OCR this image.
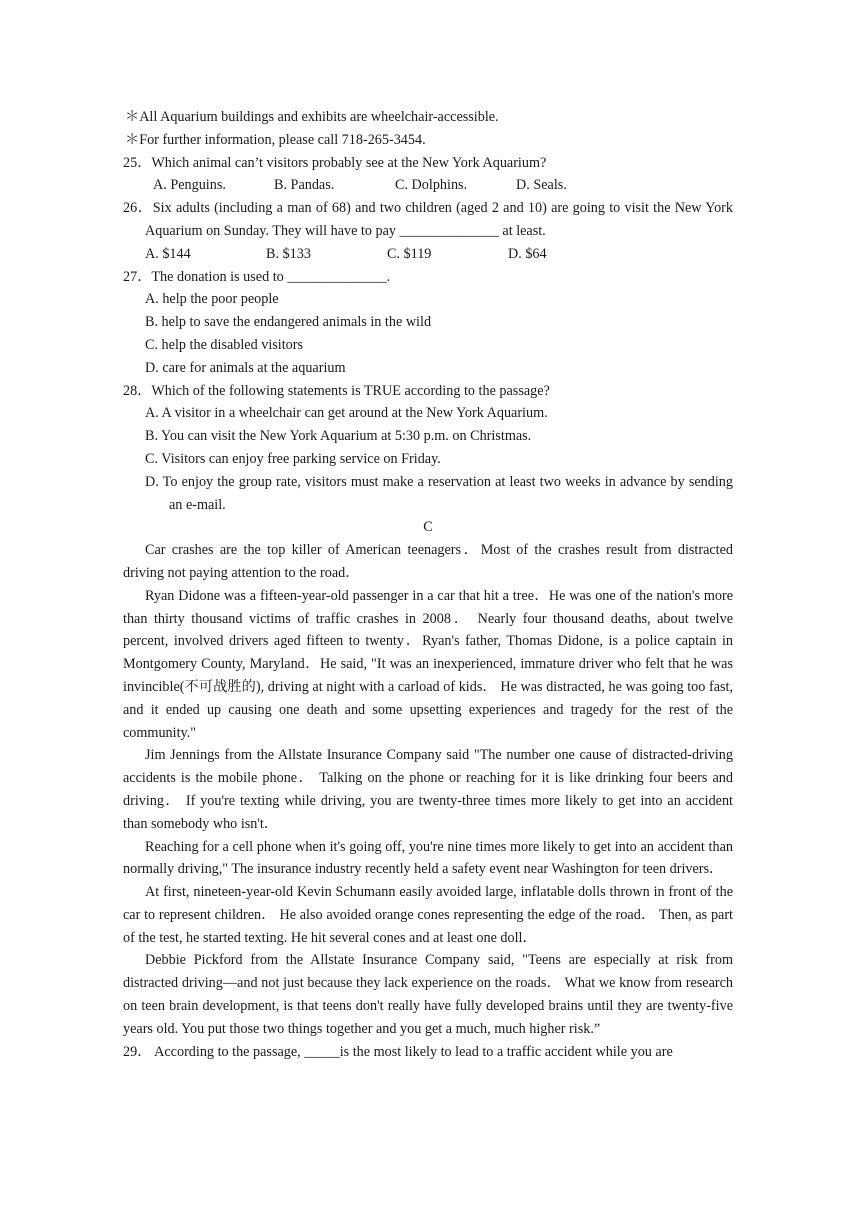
＊All Aquarium buildings and exhibits are wheelchair-accessible.
＊For further information, please call 718-265-3454.
25．Which animal can’t visitors probably see at the New York Aquarium?
A. Penguins.	B. Pandas.	C. Dolphins.	D. Seals.
26．Six adults (including a man of 68) and two children (aged 2 and 10) are going to visit the New York Aquarium on Sunday. They will have to pay ______________ at least.
A. $144	B. $133	C. $119	D. $64
27．The donation is used to ______________.
A. help the poor people
B. help to save the endangered animals in the wild
C. help the disabled visitors
D. care for animals at the aquarium
28．Which of the following statements is TRUE according to the passage?
A. A visitor in a wheelchair can get around at the New York Aquarium.
B. You can visit the New York Aquarium at 5:30 p.m. on Christmas.
C. Visitors can enjoy free parking service on Friday.
D. To enjoy the group rate, visitors must make a reservation at least two weeks in advance by sending an e-mail.
C
Car crashes are the top killer of American teenagers．Most of the crashes result from distracted driving not paying attention to the road．
Ryan Didone was a fifteen-year-old passenger in a car that hit a tree．He was one of the nation's more than thirty thousand victims of traffic crashes in 2008． Nearly four thousand deaths, about twelve percent, involved drivers aged fifteen to twenty．Ryan's father, Thomas Didone, is a police captain in Montgomery County, Maryland．He said, "It was an inexperienced, immature driver who felt that he was invincible(不可战胜的), driving at night with a carload of kids． He was distracted, he was going too fast, and it ended up causing one death and some upsetting experiences and tragedy for the rest of the community."
Jim Jennings from the Allstate Insurance Company said "The number one cause of distracted-driving accidents is the mobile phone． Talking on the phone or reaching for it is like drinking four beers and driving． If you're texting while driving, you are twenty-three times more likely to get into an accident than somebody who isn't．
Reaching for a cell phone when it's going off, you're nine times more likely to get into an accident than normally driving," The insurance industry recently held a safety event near Washington for teen drivers．
At first, nineteen-year-old Kevin Schumann easily avoided large, inflatable dolls thrown in front of the car to represent children． He also avoided orange cones representing the edge of the road． Then, as part of the test, he started texting. He hit several cones and at least one doll．
Debbie Pickford from the Allstate Insurance Company said, "Teens are especially at risk from distracted driving—and not just because they lack experience on the roads． What we know from research on teen brain development, is that teens don't really have fully developed brains until they are twenty-five years old. You put those two things together and you get a much, much higher risk.”
29． According to the passage, _____is the most likely to lead to a traffic accident while you are
